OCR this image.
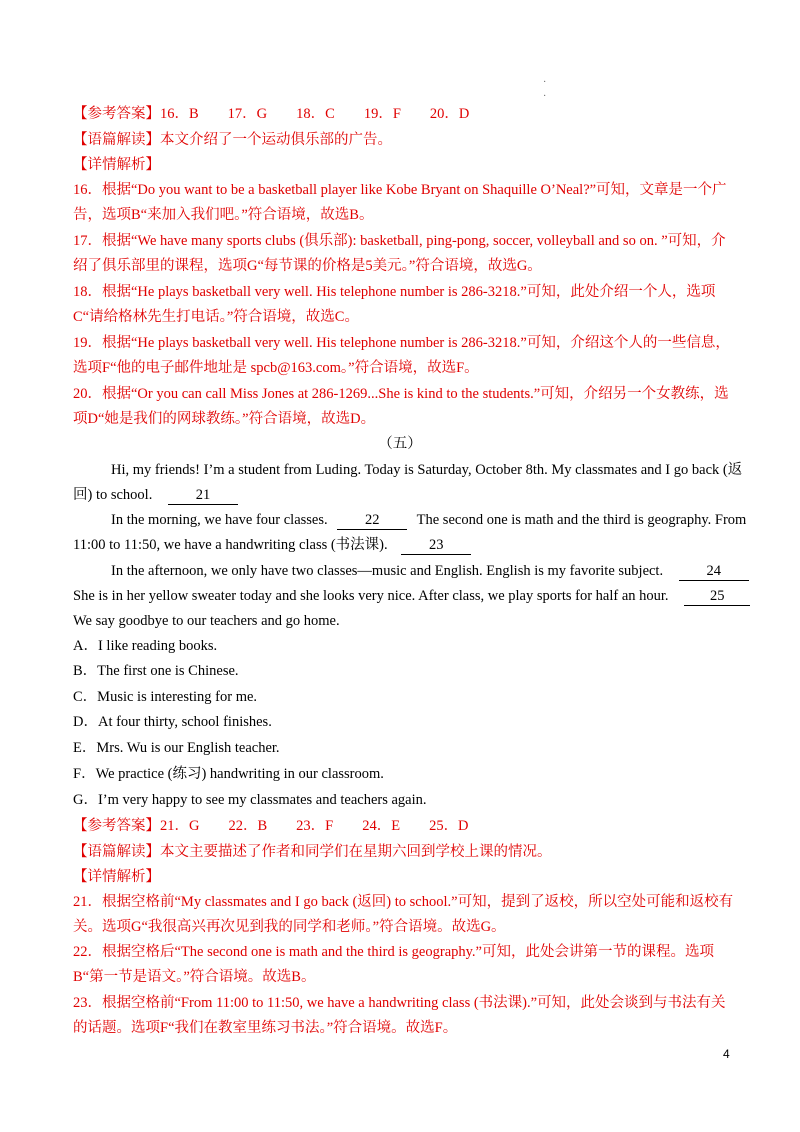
·
·
【参考答案】16．B　　17．G　　18．C　　19．F　　20．D
【语篇解读】本文介绍了一个运动俱乐部的广告。
【详情解析】
16．根据“Do you want to be a basketball player like Kobe Bryant on Shaquille O’Neal?”可知，文章是一个广
告，选项B“来加入我们吧。”符合语境，故选B。
17．根据“We have many sports clubs (俱乐部): basketball, ping-pong, soccer, volleyball and so on. ”可知，介
绍了俱乐部里的课程，选项G“每节课的价格是5美元。”符合语境，故选G。
18．根据“He plays basketball very well. His telephone number is 286-3218.”可知，此处介绍一个人，选项
C“请给格林先生打电话。”符合语境，故选C。
19．根据“He plays basketball very well. His telephone number is 286-3218.”可知，介绍这个人的一些信息，
选项F“他的电子邮件地址是 spcb@163.com。”符合语境，故选F。
20．根据“Or you can call Miss Jones at 286-1269...She is kind to the students.”可知，介绍另一个女教练，选
项D“她是我们的网球教练。”符合语境，故选D。
（五）
Hi, my friends! I’m a student from Luding. Today is Saturday, October 8th. My classmates and I go back (返
回) to school.	21
In the morning, we have four classes.	22	The second one is math and the third is geography. From
11:00 to 11:50, we have a handwriting class (书法课).	23
In the afternoon, we only have two classes—music and English. English is my favorite subject.	24
She is in her yellow sweater today and she looks very nice. After class, we play sports for half an hour.	25
We say goodbye to our teachers and go home.
A．I like reading books.
B．The first one is Chinese.
C．Music is interesting for me.
D．At four thirty, school finishes.
E．Mrs. Wu is our English teacher.
F．We practice (练习) handwriting in our classroom.
G．I’m very happy to see my classmates and teachers again.
【参考答案】21．G　　22．B　　23．F　　24．E　　25．D
【语篇解读】本文主要描述了作者和同学们在星期六回到学校上课的情况。
【详情解析】
21．根据空格前“My classmates and I go back (返回) to school.”可知，提到了返校，所以空处可能和返校有
关。选项G“我很高兴再次见到我的同学和老师。”符合语境。故选G。
22．根据空格后“The second one is math and the third is geography.”可知，此处会讲第一节的课程。选项
B“第一节是语文。”符合语境。故选B。
23．根据空格前“From 11:00 to 11:50, we have a handwriting class (书法课).”可知，此处会谈到与书法有关
的话题。选项F“我们在教室里练习书法。”符合语境。故选F。
4
